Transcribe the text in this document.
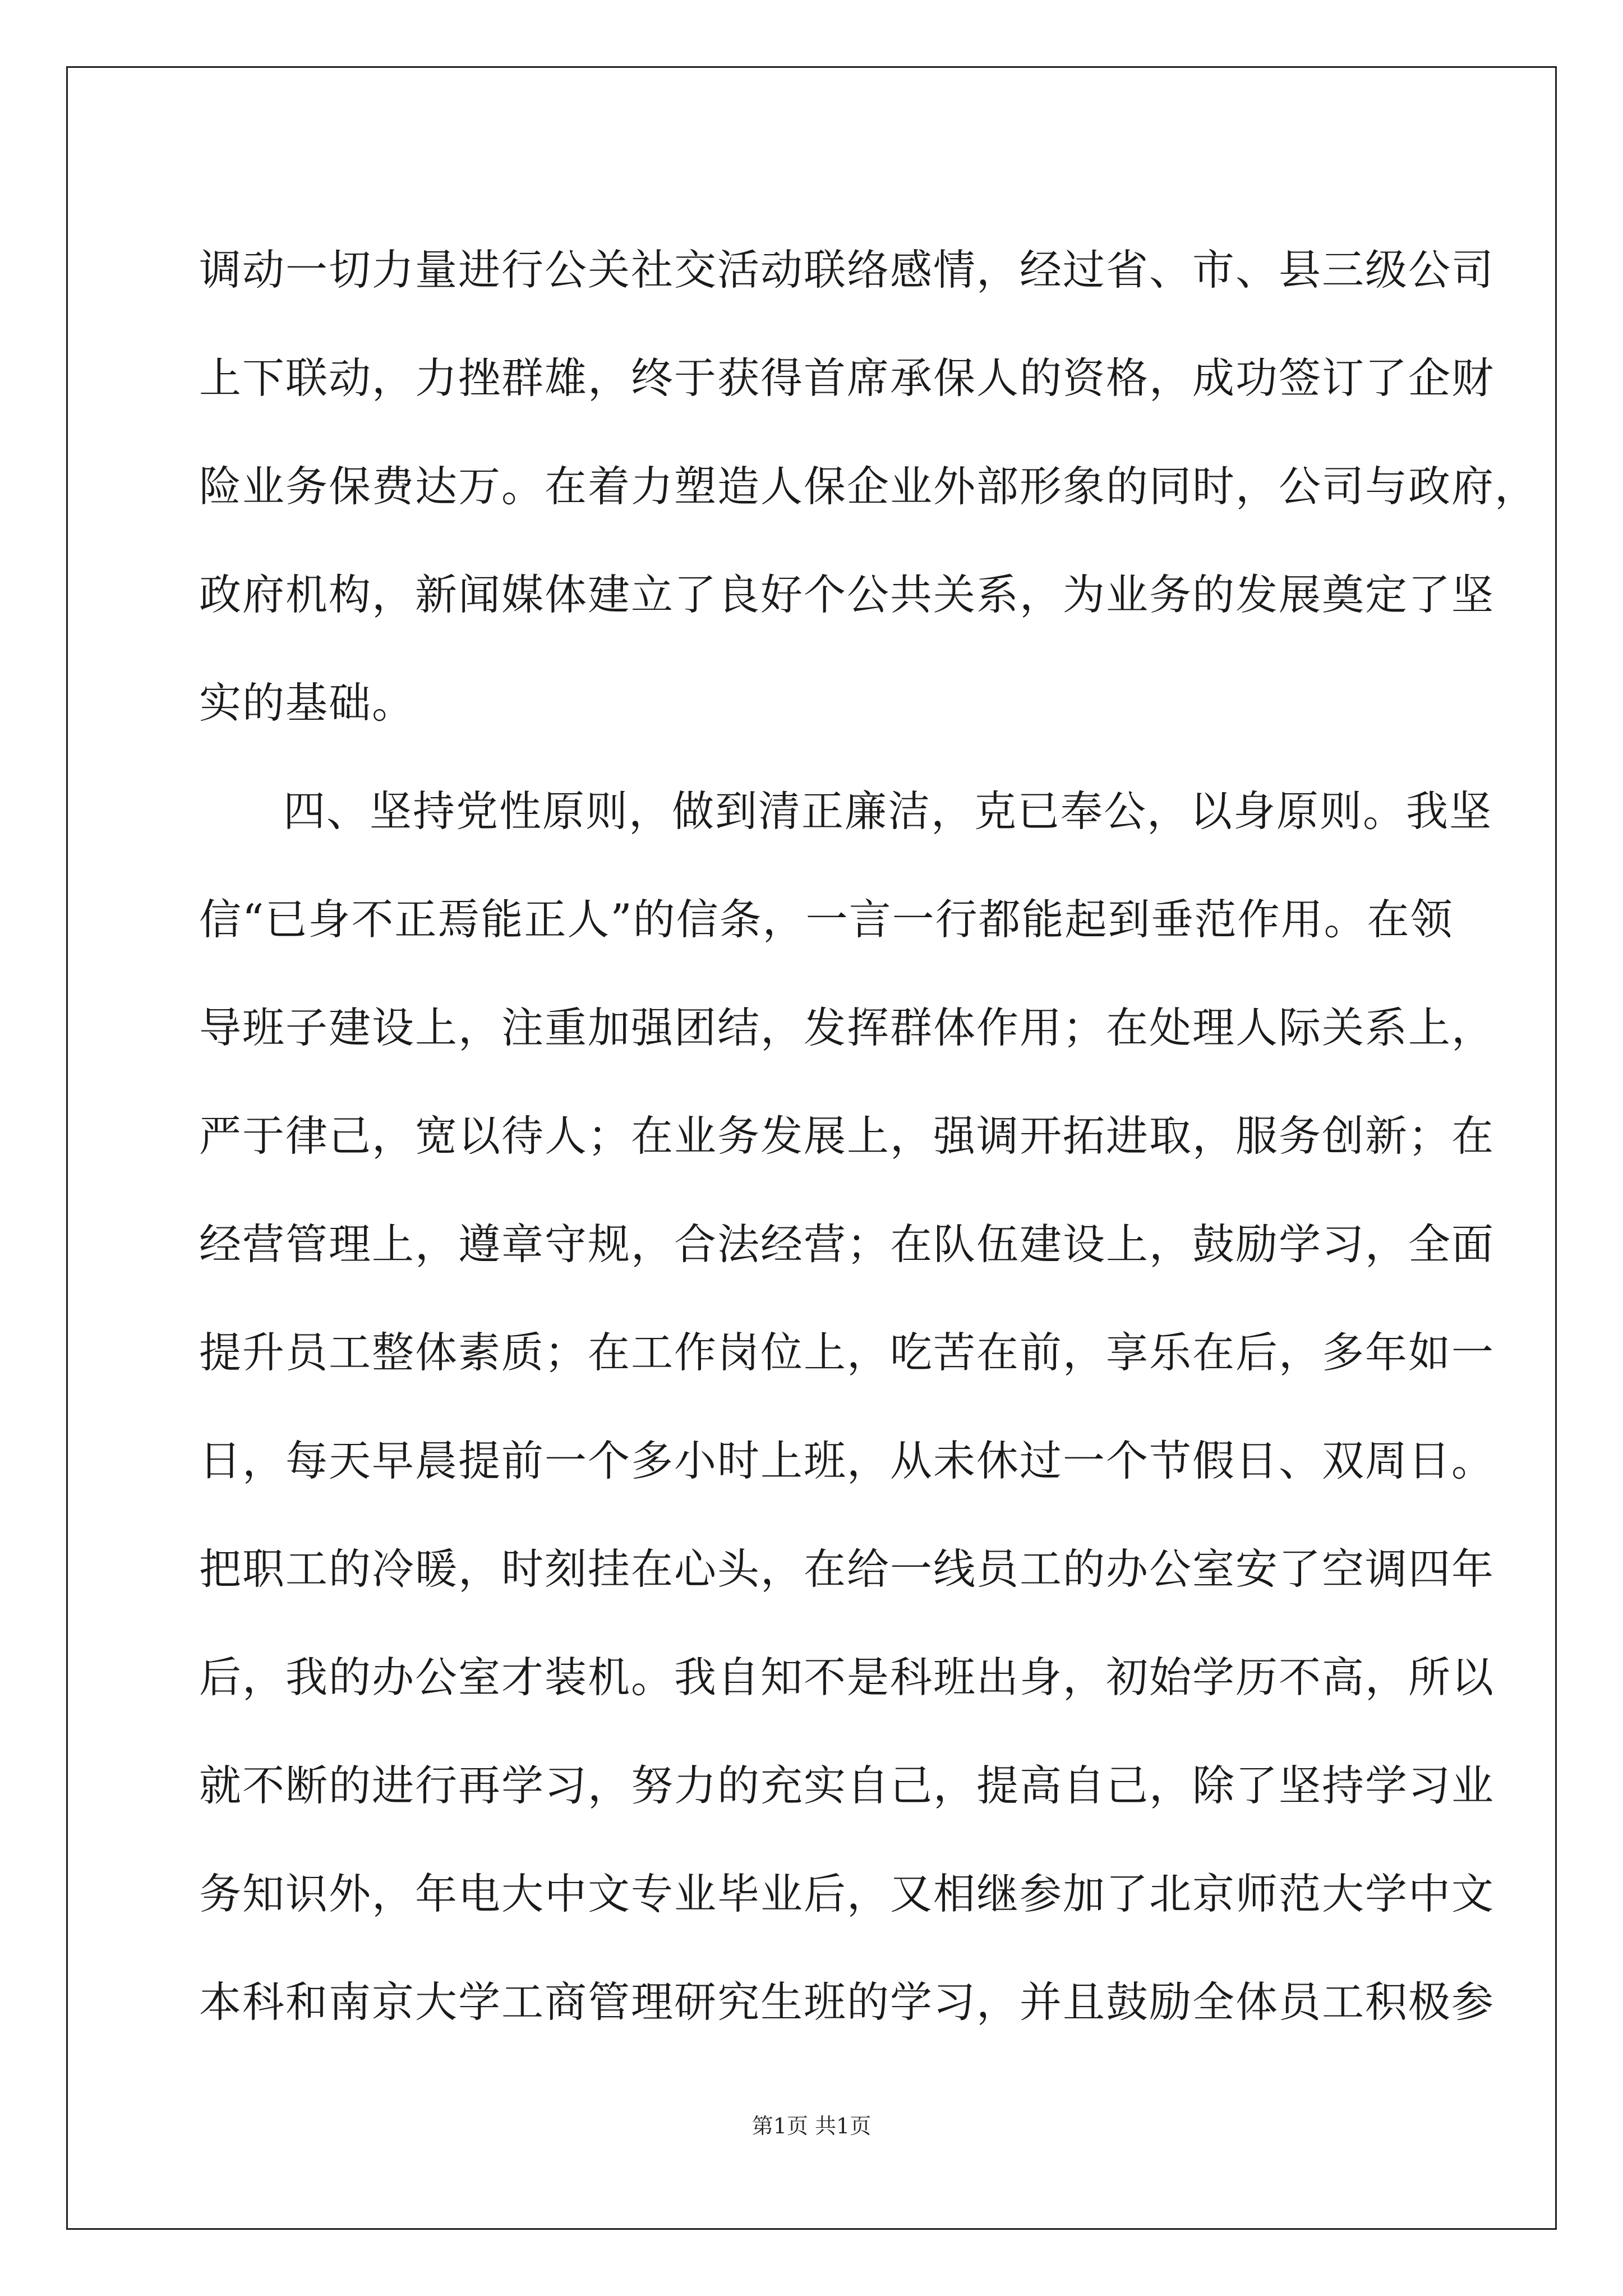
调动一切力量进行公关社交活动联络感情，经过省、市、县三级公司
上下联动，力挫群雄，终于获得首席承保人的资格，成功签订了企财
险业务保费达万。在着力塑造人保企业外部形象的同时，公司与政府，
政府机构，新闻媒体建立了良好个公共关系，为业务的发展奠定了坚
实的基础。
四、坚持党性原则，做到清正廉洁，克已奉公，以身原则。我坚
信“已身不正焉能正人”的信条，一言一行都能起到垂范作用。在领
导班子建设上，注重加强团结，发挥群体作用；在处理人际关系上，
严于律己，宽以待人；在业务发展上，强调开拓进取，服务创新；在
经营管理上，遵章守规，合法经营；在队伍建设上，鼓励学习，全面
提升员工整体素质；在工作岗位上，吃苦在前，享乐在后，多年如一
日，每天早晨提前一个多小时上班，从未休过一个节假日、双周日。
把职工的冷暖，时刻挂在心头，在给一线员工的办公室安了空调四年
后，我的办公室才装机。我自知不是科班出身，初始学历不高，所以
就不断的进行再学习，努力的充实自己，提高自己，除了坚持学习业
务知识外，年电大中文专业毕业后，又相继参加了北京师范大学中文
本科和南京大学工商管理研究生班的学习，并且鼓励全体员工积极参
第1页 共1页
